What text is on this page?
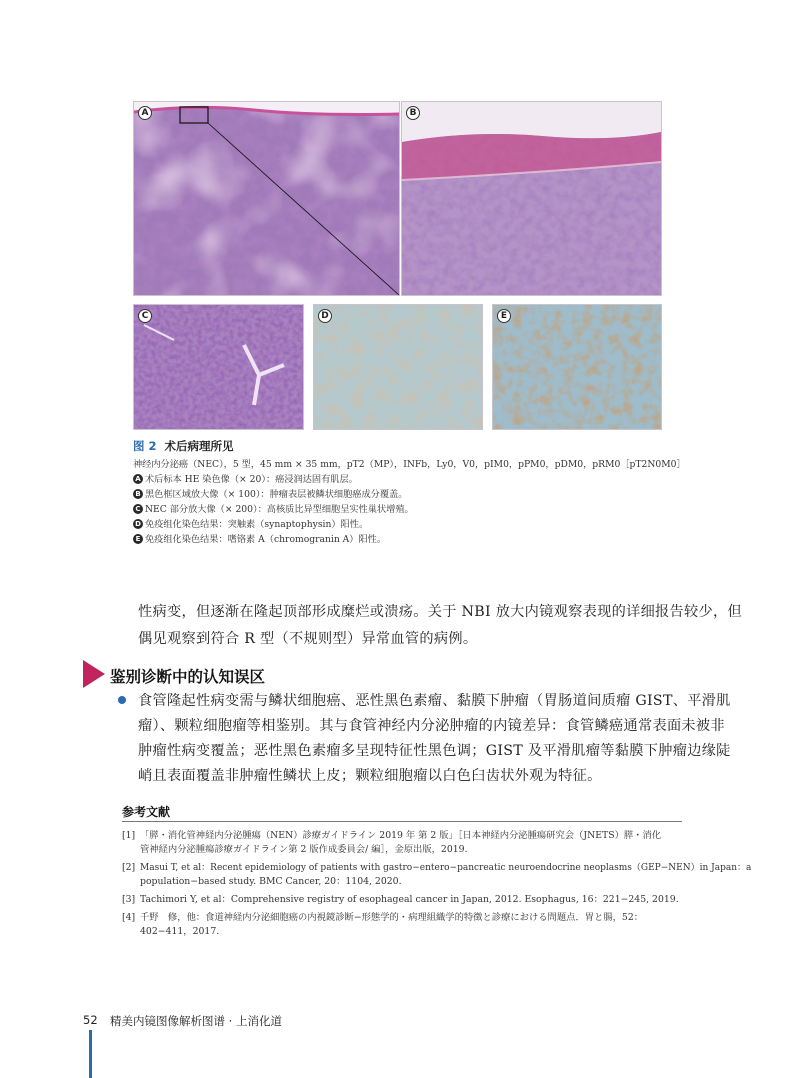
A	B
C	D	E
图 2 术后病理所见
神经内分泌癌（NEC），5 型，45 mm × 35 mm，pT2（MP），INFb，Ly0，V0，pIM0，pPM0，pDM0，pRM0［pT2N0M0］
A 术后标本 HE 染色像（× 20）：癌浸润达固有肌层。
B 黑色框区域放大像（× 100）：肿瘤表层被鳞状细胞癌成分覆盖。
C NEC 部分放大像（× 200）：高核质比异型细胞呈实性巢状增殖。
D 免疫组化染色结果：突触素（synaptophysin）阳性。
E 免疫组化染色结果：嗜铬素 A（chromogranin A）阳性。
性病变，但逐渐在隆起顶部形成糜烂或溃疡。关于 NBI 放大内镜观察表现的详细报告较少，但
偶见观察到符合 R 型（不规则型）异常血管的病例。
鉴别诊断中的认知误区
食管隆起性病变需与鳞状细胞癌、恶性黑色素瘤、黏膜下肿瘤（胃肠道间质瘤 GIST、平滑肌
瘤）、颗粒细胞瘤等相鉴别。其与食管神经内分泌肿瘤的内镜差异：食管鳞癌通常表面未被非
肿瘤性病变覆盖；恶性黑色素瘤多呈现特征性黑色调；GIST 及平滑肌瘤等黏膜下肿瘤边缘陡
峭且表面覆盖非肿瘤性鳞状上皮；颗粒细胞瘤以白色臼齿状外观为特征。
参考文献
[1] 「膵・消化管神経内分泌腫瘍（NEN）診療ガイドライン 2019 年 第 2 版」［日本神経内分泌腫瘍研究会（JNETS）膵・消化
管神経内分泌腫瘍診療ガイドライン第 2 版作成委員会/ 編］，金原出版，2019.
[2] Masui T, et al：Recent epidemiology of patients with gastro−entero−pancreatic neuroendocrine neoplasms（GEP−NEN）in Japan：a
population−based study. BMC Cancer, 20：1104, 2020.
[3] Tachimori Y, et al：Comprehensive registry of esophageal cancer in Japan, 2012. Esophagus, 16：221−245, 2019.
[4] 千野　修，他：食道神経内分泌細胞癌の内視鏡診断−形態学的・病理組織学的特徴と診療における問題点．胃と腸，52：
402−411，2017.
52 精美内镜图像解析图谱 · 上消化道
